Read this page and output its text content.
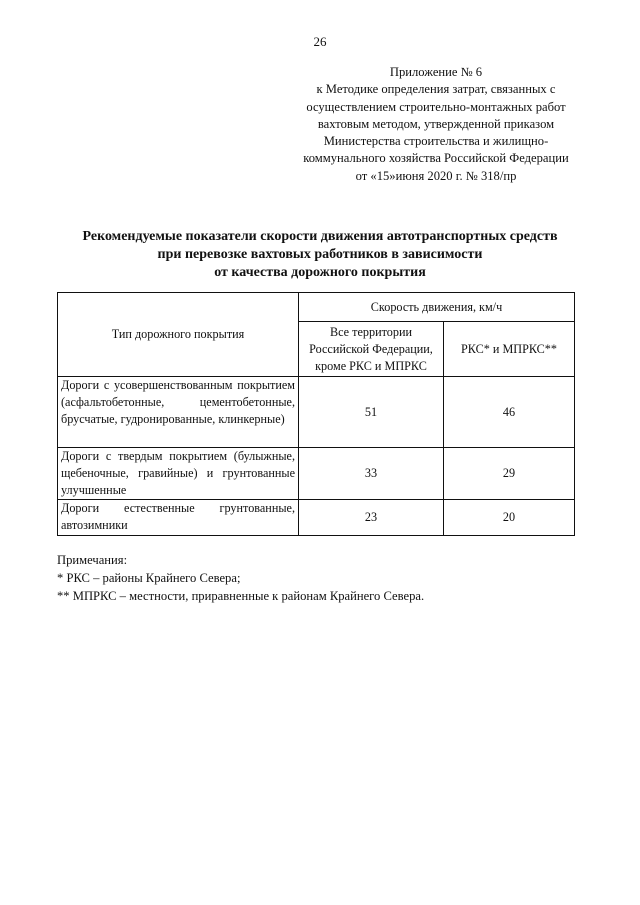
26
Приложение № 6
к Методике определения затрат, связанных с
осуществлением строительно-монтажных работ
вахтовым методом, утвержденной приказом
Министерства строительства и жилищно-
коммунального хозяйства Российской Федерации
от «15»июня 2020 г. № 318/пр
Рекомендуемые показатели скорости движения автотранспортных средств
при перевозке вахтовых работников в зависимости
от качества дорожного покрытия
Тип дорожного покрытия	Скорость движения, км/ч	
	Все территории Российской Федерации, кроме РКС и МПРКС	РКС* и МПРКС**
Дороги с усовершенствованным покрытием (асфальтобетонные, цементобетонные, брусчатые, гудронированные, клинкерные)	51	46
Дороги с твердым покрытием (булыжные, щебеночные, гравийные) и грунтованные улучшенные	33	29
Дороги естественные грунтованные, автозимники	23	20
Примечания:
* РКС – районы Крайнего Севера;
** МПРКС – местности, приравненные к районам Крайнего Севера.
